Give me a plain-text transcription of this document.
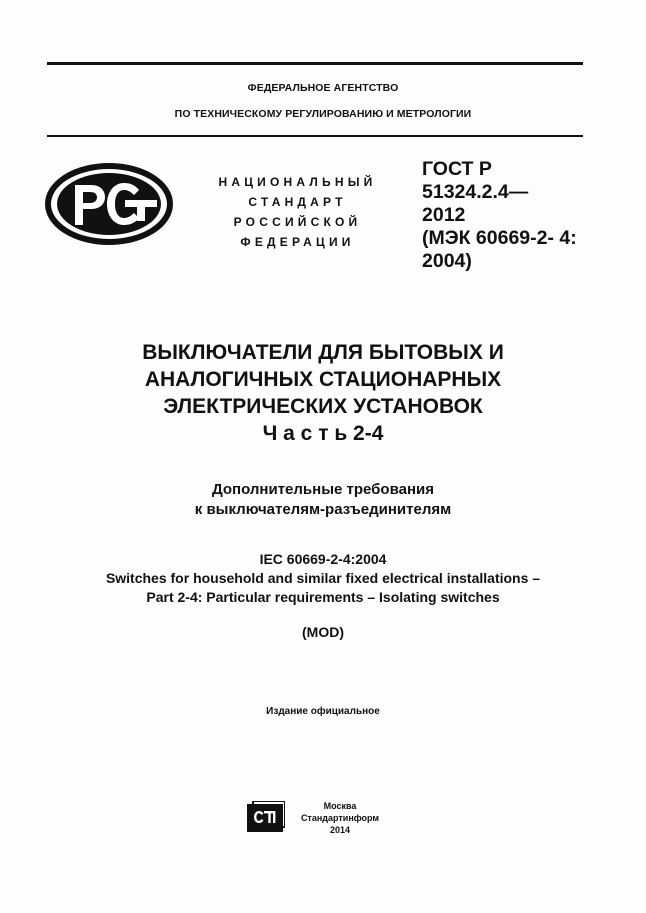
ФЕДЕРАЛЬНОЕ АГЕНТСТВО
ПО ТЕХНИЧЕСКОМУ РЕГУЛИРОВАНИЮ И МЕТРОЛОГИИ
НАЦИОНАЛЬНЫЙ
СТАНДАРТ
РОССИЙСКОЙ
ФЕДЕРАЦИИ
ГОСТ Р
51324.2.4—
2012
(МЭК 60669-2- 4:
2004)
ВЫКЛЮЧАТЕЛИ ДЛЯ БЫТОВЫХ И
АНАЛОГИЧНЫХ СТАЦИОНАРНЫХ
ЭЛЕКТРИЧЕСКИХ УСТАНОВОК
Ч а с т ь 2-4
Дополнительные требования
к выключателям-разъединителям
IEC 60669-2-4:2004
Switches for household and similar fixed electrical installations –
Part 2-4: Particular requirements – Isolating switches
(MOD)
Издание официальное
Москва
Стандартинформ
2014
